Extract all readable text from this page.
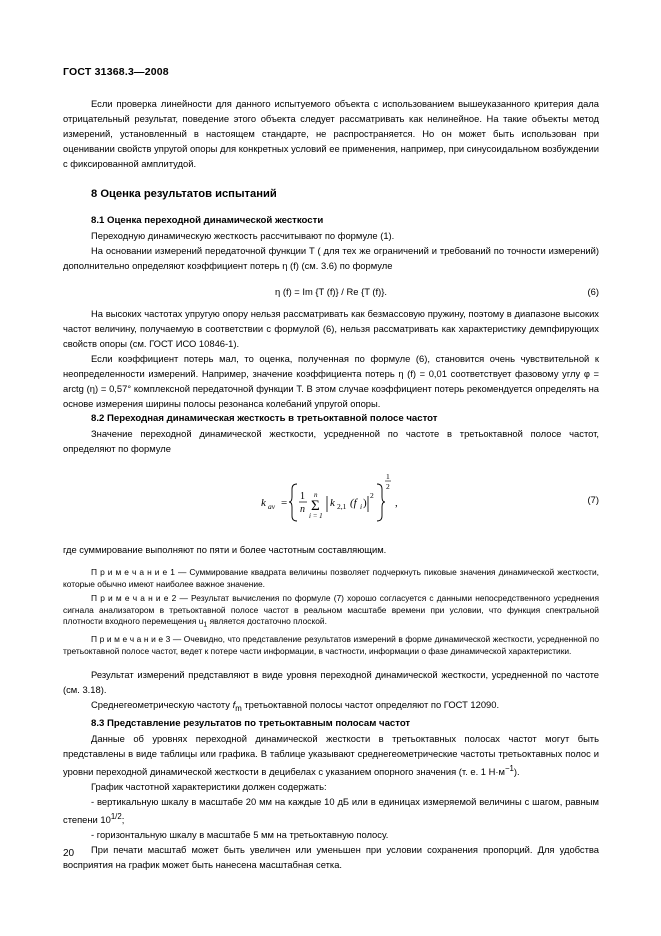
ГОСТ 31368.3—2008

Если проверка линейности для данного испытуемого объекта с использованием вышеуказанного критерия дала отрицательный результат, поведение этого объекта следует рассматривать как нелинейное. На такие объекты метод измерений, установленный в настоящем стандарте, не распространяется. Но он может быть использован при оценивании свойств упругой опоры для конкретных условий ее применения, например, при синусоидальном возбуждении с фиксированной амплитудой.

8 Оценка результатов испытаний
8.1 Оценка переходной динамической жесткости

Переходную динамическую жесткость рассчитывают по формуле (1).

На основании измерений передаточной функции T ( для тех же ограничений и требований по точности измерений) дополнительно определяют коэффициент потерь η (f) (см. 3.6) по формуле

η (f) = Im {T (f)} / Re {T (f)}.	(6)

На высоких частотах упругую опору нельзя рассматривать как безмассовую пружину, поэтому в диапазоне высоких частот величину, получаемую в соответствии с формулой (6), нельзя рассматривать как характеристику демпфирующих свойств опоры (см. ГОСТ ИСО 10846-1).

Если коэффициент потерь мал, то оценка, полученная по формуле (6), становится очень чувствительной к неопределенности измерений. Например, значение коэффициента потерь η (f) = 0,01 соответствует фазовому углу φ = arctg (η) = 0,57° комплексной передаточной функции T. В этом случае коэффициент потерь рекомендуется определять на основе измерения ширины полосы резонанса колебаний упругой опоры.

8.2 Переходная динамическая жесткость в третьоктавной полосе частот

Значение переходной динамической жесткости, усредненной по частоте в третьоктавной полосе частот, определяют по формуле

k av =
1
n
n
Σ
i = 1
k 2,1 (f i )
2
1
2
,	(7)

где суммирование выполняют по пяти и более частотным составляющим.

П р и м е ч а н и е 1 — Суммирование квадрата величины позволяет подчеркнуть пиковые значения динамической жесткости, которые обычно имеют наиболее важное значение.

П р и м е ч а н и е 2 — Результат вычисления по формуле (7) хорошо согласуется с данными непосредственного усреднения сигнала анализатором в третьоктавной полосе частот в реальном масштабе времени при условии, что функция спектральной плотности входного перемещения $u_1$ является достаточно плоской.

П р и м е ч а н и е 3 — Очевидно, что представление результатов измерений в форме динамической жесткости, усредненной по третьоктавной полосе частот, ведет к потере части информации, в частности, информации о фазе динамической характеристики.

Результат измерений представляют в виде уровня переходной динамической жесткости, усредненной по частоте (см. 3.18).

Среднегеометрическую частоту $f_m$ третьоктавной полосы частот определяют по ГОСТ 12090.

8.3 Представление результатов по третьоктавным полосам частот

Данные об уровнях переходной динамической жесткости в третьоктавных полосах частот могут быть представлены в виде таблицы или графика. В таблице указывают среднегеометрические частоты третьоктавных полос и уровни переходной динамической жесткости в децибелах с указанием опорного значения (т. е. 1 $Н\cdot м^{-1}$).

График частотной характеристики должен содержать:

- вертикальную шкалу в масштабе 20 мм на каждые 10 дБ или в единицах измеряемой величины с шагом, равным степени $10^{1/2}$;

- горизонтальную шкалу в масштабе 5 мм на третьоктавную полосу.

При печати масштаб может быть увеличен или уменьшен при условии сохранения пропорций. Для удобства восприятия на график может быть нанесена масштабная сетка.

20
